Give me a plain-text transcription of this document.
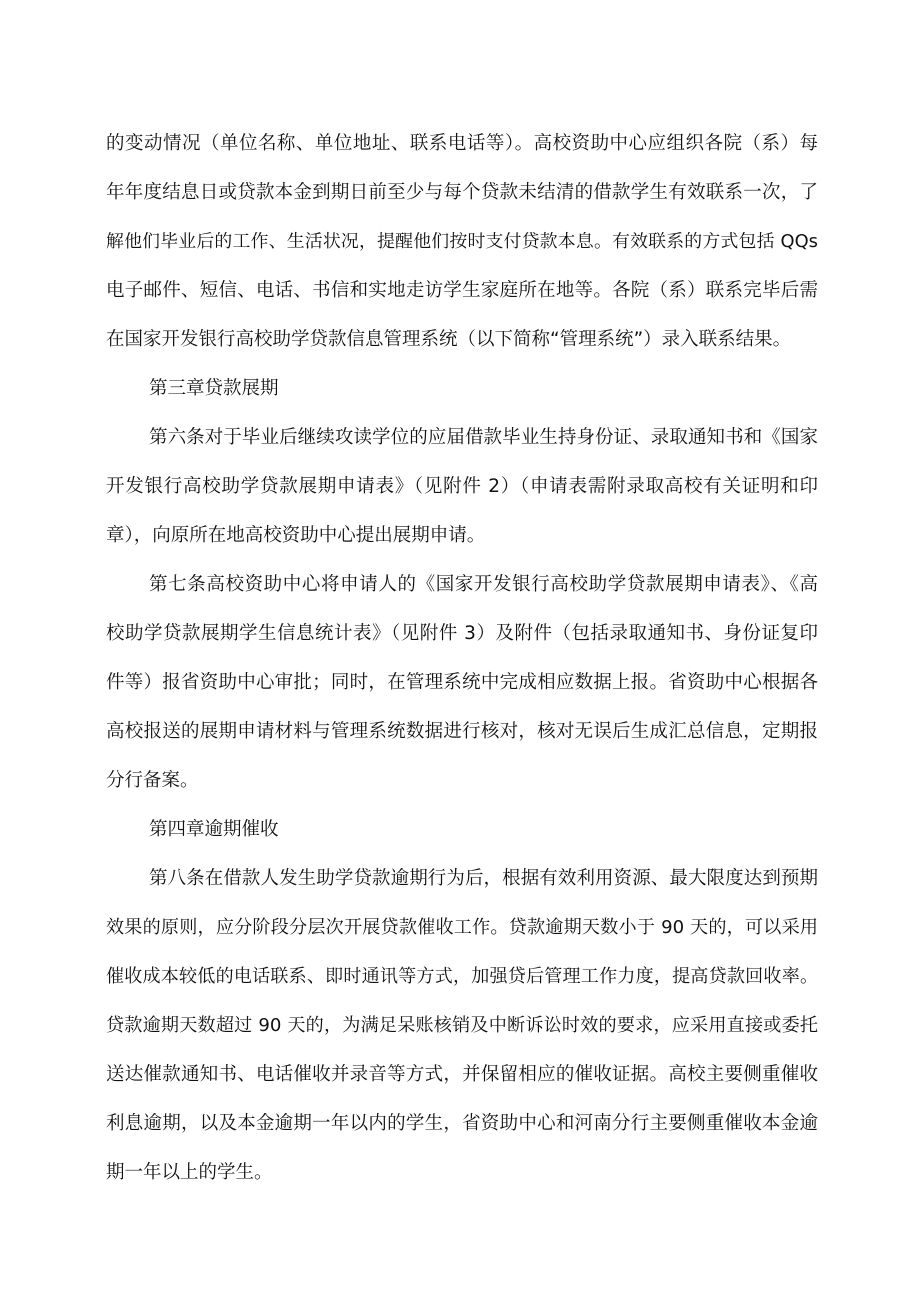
的变动情况（单位名称、单位地址、联系电话等）。高校资助中心应组织各院（系）每
年年度结息日或贷款本金到期日前至少与每个贷款未结清的借款学生有效联系一次，了
解他们毕业后的工作、生活状况，提醒他们按时支付贷款本息。有效联系的方式包括 QQs
电子邮件、短信、电话、书信和实地走访学生家庭所在地等。各院（系）联系完毕后需
在国家开发银行高校助学贷款信息管理系统（以下简称“管理系统”）录入联系结果。
第三章贷款展期
第六条对于毕业后继续攻读学位的应届借款毕业生持身份证、录取通知书和《国家
开发银行高校助学贷款展期申请表》（见附件 2）（申请表需附录取高校有关证明和印
章），向原所在地高校资助中心提出展期申请。
第七条高校资助中心将申请人的《国家开发银行高校助学贷款展期申请表》、《高
校助学贷款展期学生信息统计表》（见附件 3）及附件（包括录取通知书、身份证复印
件等）报省资助中心审批；同时，在管理系统中完成相应数据上报。省资助中心根据各
高校报送的展期申请材料与管理系统数据进行核对，核对无误后生成汇总信息，定期报
分行备案。
第四章逾期催收
第八条在借款人发生助学贷款逾期行为后，根据有效利用资源、最大限度达到预期
效果的原则，应分阶段分层次开展贷款催收工作。贷款逾期天数小于 90 天的，可以采用
催收成本较低的电话联系、即时通讯等方式，加强贷后管理工作力度，提高贷款回收率。
贷款逾期天数超过 90 天的，为满足呆账核销及中断诉讼时效的要求，应采用直接或委托
送达催款通知书、电话催收并录音等方式，并保留相应的催收证据。高校主要侧重催收
利息逾期，以及本金逾期一年以内的学生，省资助中心和河南分行主要侧重催收本金逾
期一年以上的学生。
